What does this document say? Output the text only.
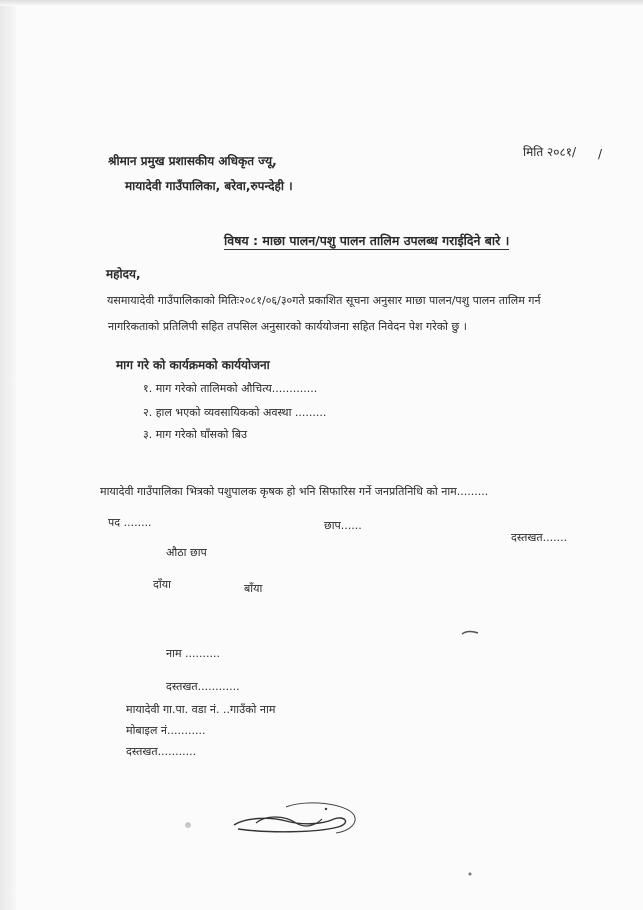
मिति २०८१/ /
श्रीमान प्रमुख प्रशासकीय अधिकृत ज्यू,
मायादेवी गाउँपालिका, बरेवा,रुपन्देही ।
विषय : माछा पालन/पशु पालन तालिम उपलब्ध गराईदिने बारे ।
महोदय,
यसमायादेवी गाउँपालिकाको मितिः२०८१/०६/३०गते प्रकाशित सूचना अनुसार माछा पालन/पशु पालन तालिम गर्न
नागरिकताको प्रतिलिपी सहित तपसिल अनुसारको कार्ययोजना सहित निवेदन पेश गरेको छु ।
माग गरे को कार्यक्रमको कार्ययोजना
१. माग गरेको तालिमको औचित्य.............
२. हाल भएको व्यवसायिकको अवस्था .........
३. माग गरेको घाँसको बिउ
मायादेवी गाउँपालिका भित्रको पशुपालक कृषक हो भनि सिफारिस गर्ने जनप्रतिनिधि को नाम.........
पद ........	छाप......
दस्तखत.......
औठा छाप
दाँया	बाँया
नाम ..........
दस्तखत............
मायादेवी गा.पा. वडा नं. ..गाउँको नाम
मोबाइल नं...........
दस्तखत...........
